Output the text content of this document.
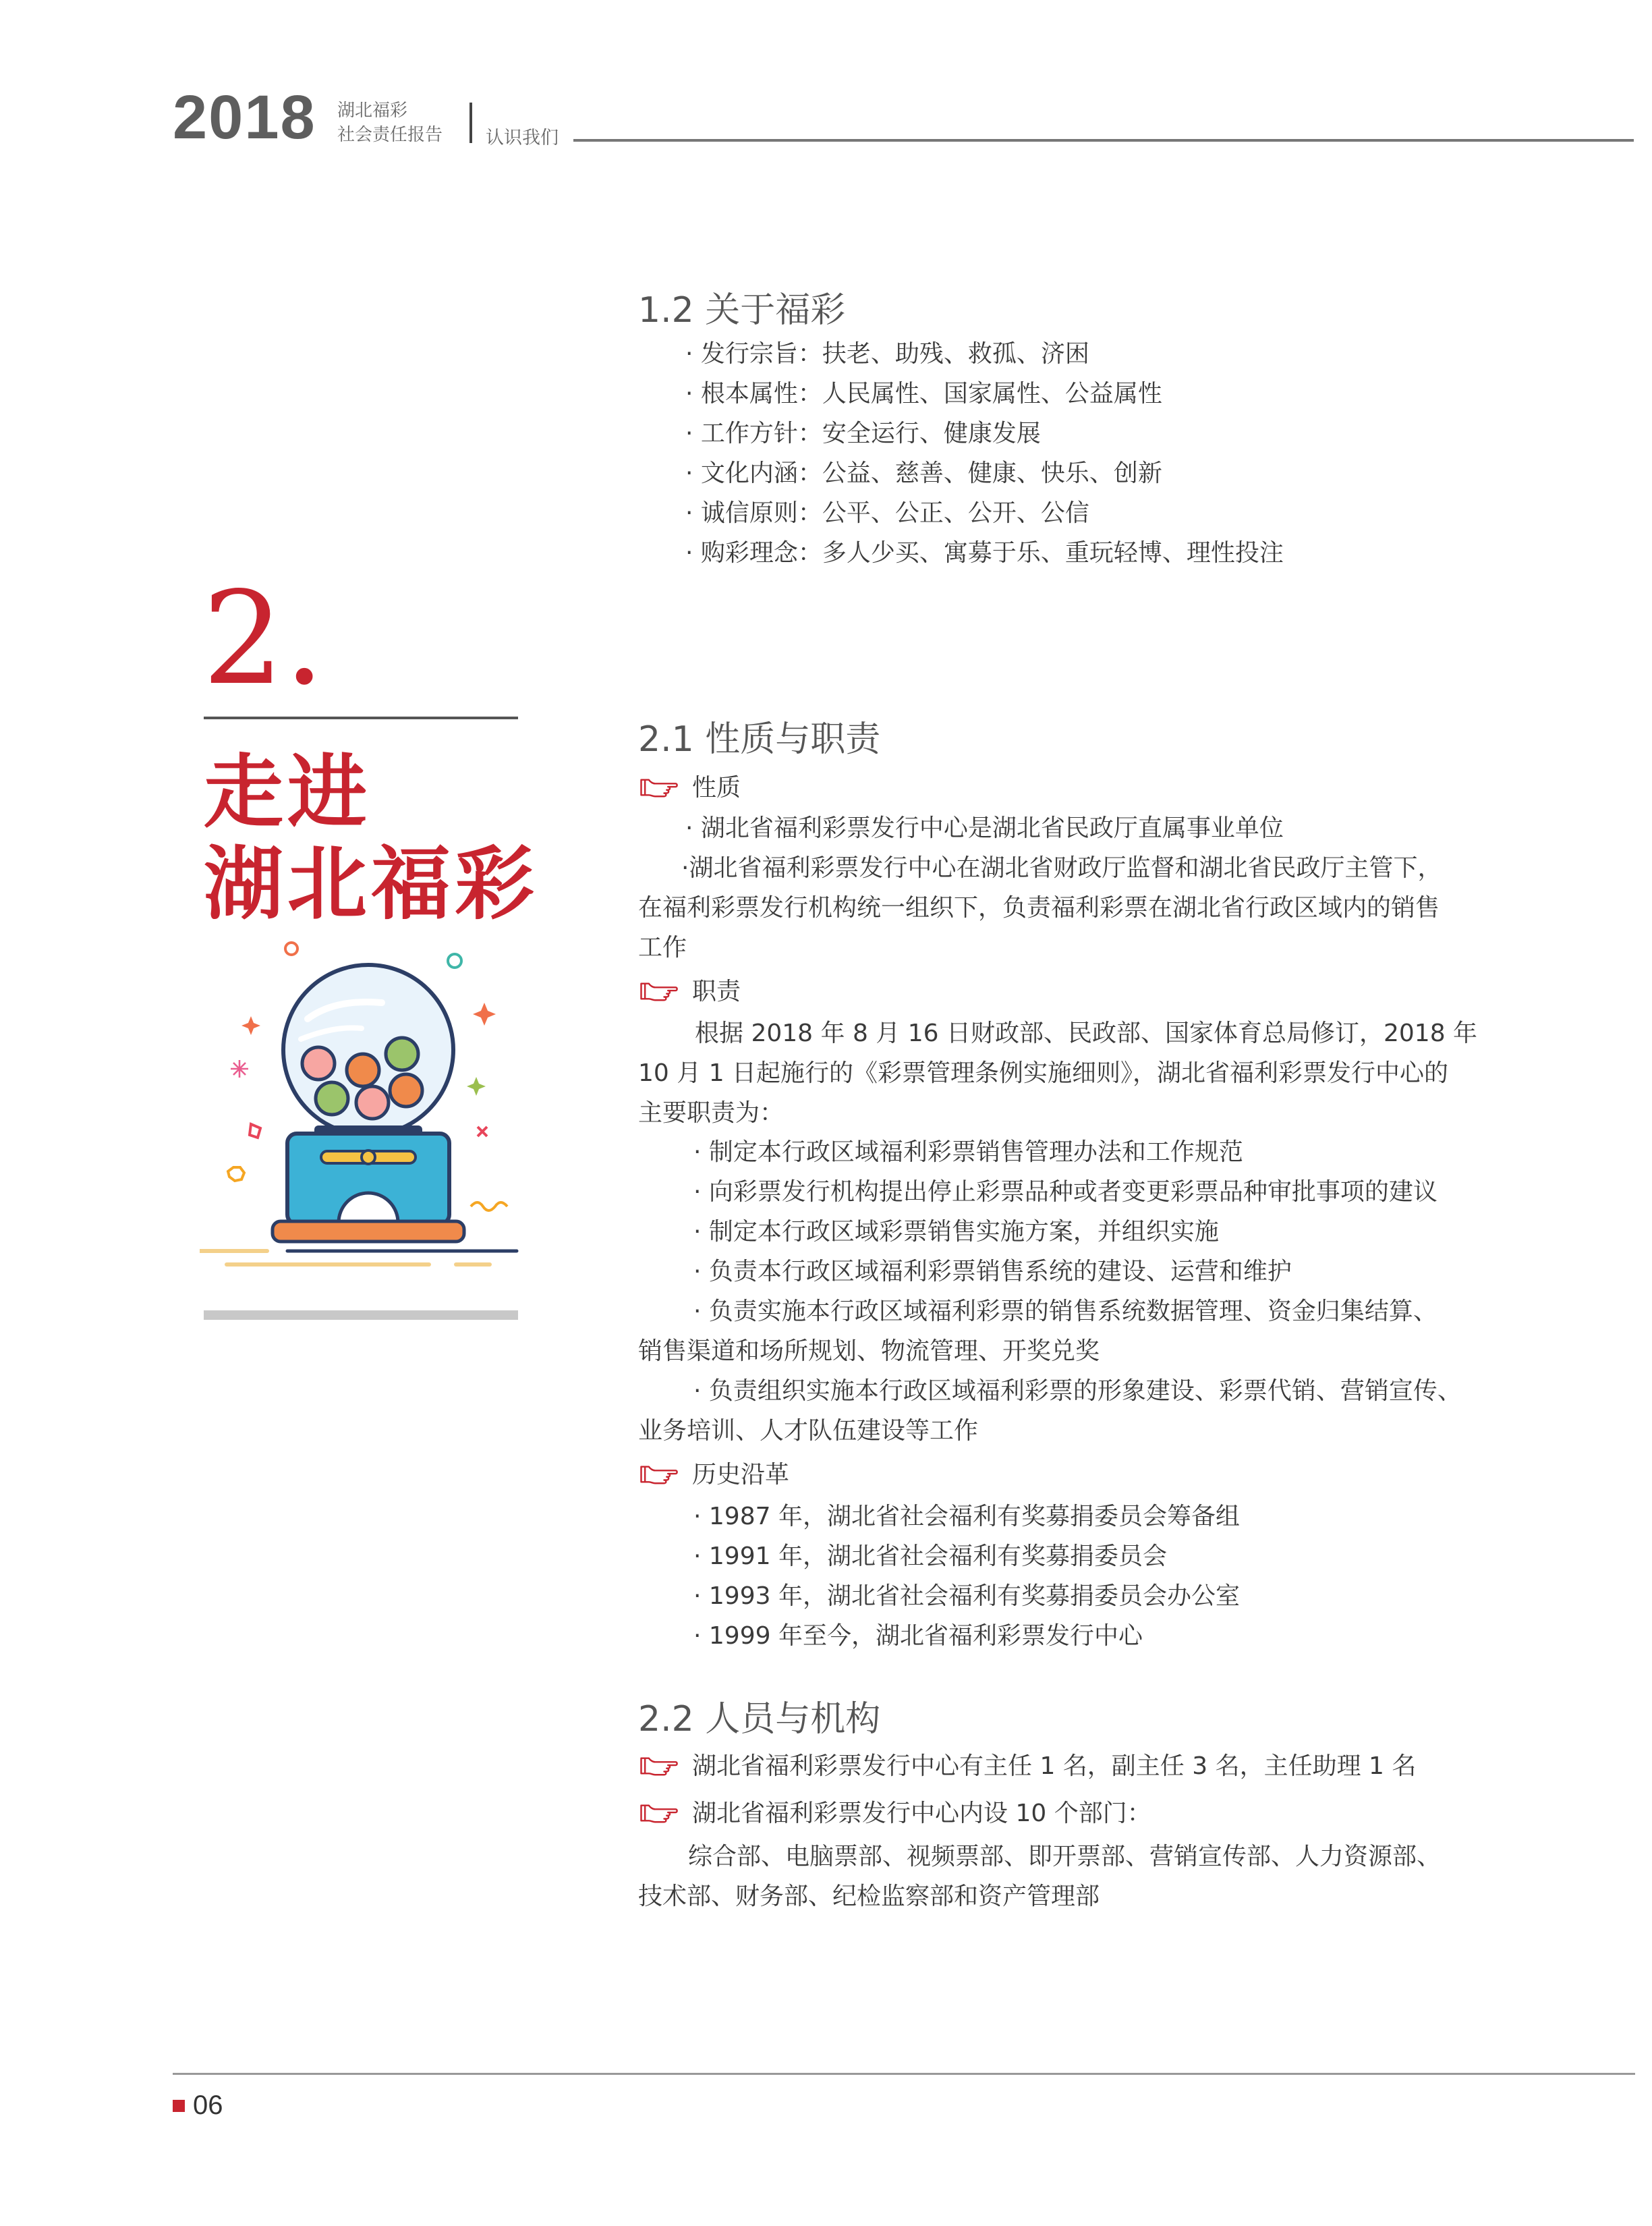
2018 湖北福彩
社会责任报告 认识我们
2.
走进
湖北福彩
1.2 关于福彩
· 发行宗旨：扶老、助残、救孤、济困
· 根本属性：人民属性、国家属性、公益属性
· 工作方针：安全运行、健康发展
· 文化内涵：公益、慈善、健康、快乐、创新
· 诚信原则：公平、公正、公开、公信
· 购彩理念：多人少买、寓募于乐、重玩轻博、理性投注
2.1 性质与职责
性质
· 湖北省福利彩票发行中心是湖北省民政厅直属事业单位
·湖北省福利彩票发行中心在湖北省财政厅监督和湖北省民政厅主管下，
在福利彩票发行机构统一组织下，负责福利彩票在湖北省行政区域内的销售
工作
职责
根据 2018 年 8 月 16 日财政部、民政部、国家体育总局修订，2018 年
10 月 1 日起施行的《彩票管理条例实施细则》，湖北省福利彩票发行中心的
主要职责为：
· 制定本行政区域福利彩票销售管理办法和工作规范
· 向彩票发行机构提出停止彩票品种或者变更彩票品种审批事项的建议
· 制定本行政区域彩票销售实施方案，并组织实施
· 负责本行政区域福利彩票销售系统的建设、运营和维护
· 负责实施本行政区域福利彩票的销售系统数据管理、资金归集结算、
销售渠道和场所规划、物流管理、开奖兑奖
· 负责组织实施本行政区域福利彩票的形象建设、彩票代销、营销宣传、
业务培训、人才队伍建设等工作
历史沿革
· 1987 年，湖北省社会福利有奖募捐委员会筹备组
· 1991 年，湖北省社会福利有奖募捐委员会
· 1993 年，湖北省社会福利有奖募捐委员会办公室
· 1999 年至今，湖北省福利彩票发行中心
2.2 人员与机构
湖北省福利彩票发行中心有主任 1 名，副主任 3 名，主任助理 1 名
湖北省福利彩票发行中心内设 10 个部门：
综合部、电脑票部、视频票部、即开票部、营销宣传部、人力资源部、
技术部、财务部、纪检监察部和资产管理部
06
